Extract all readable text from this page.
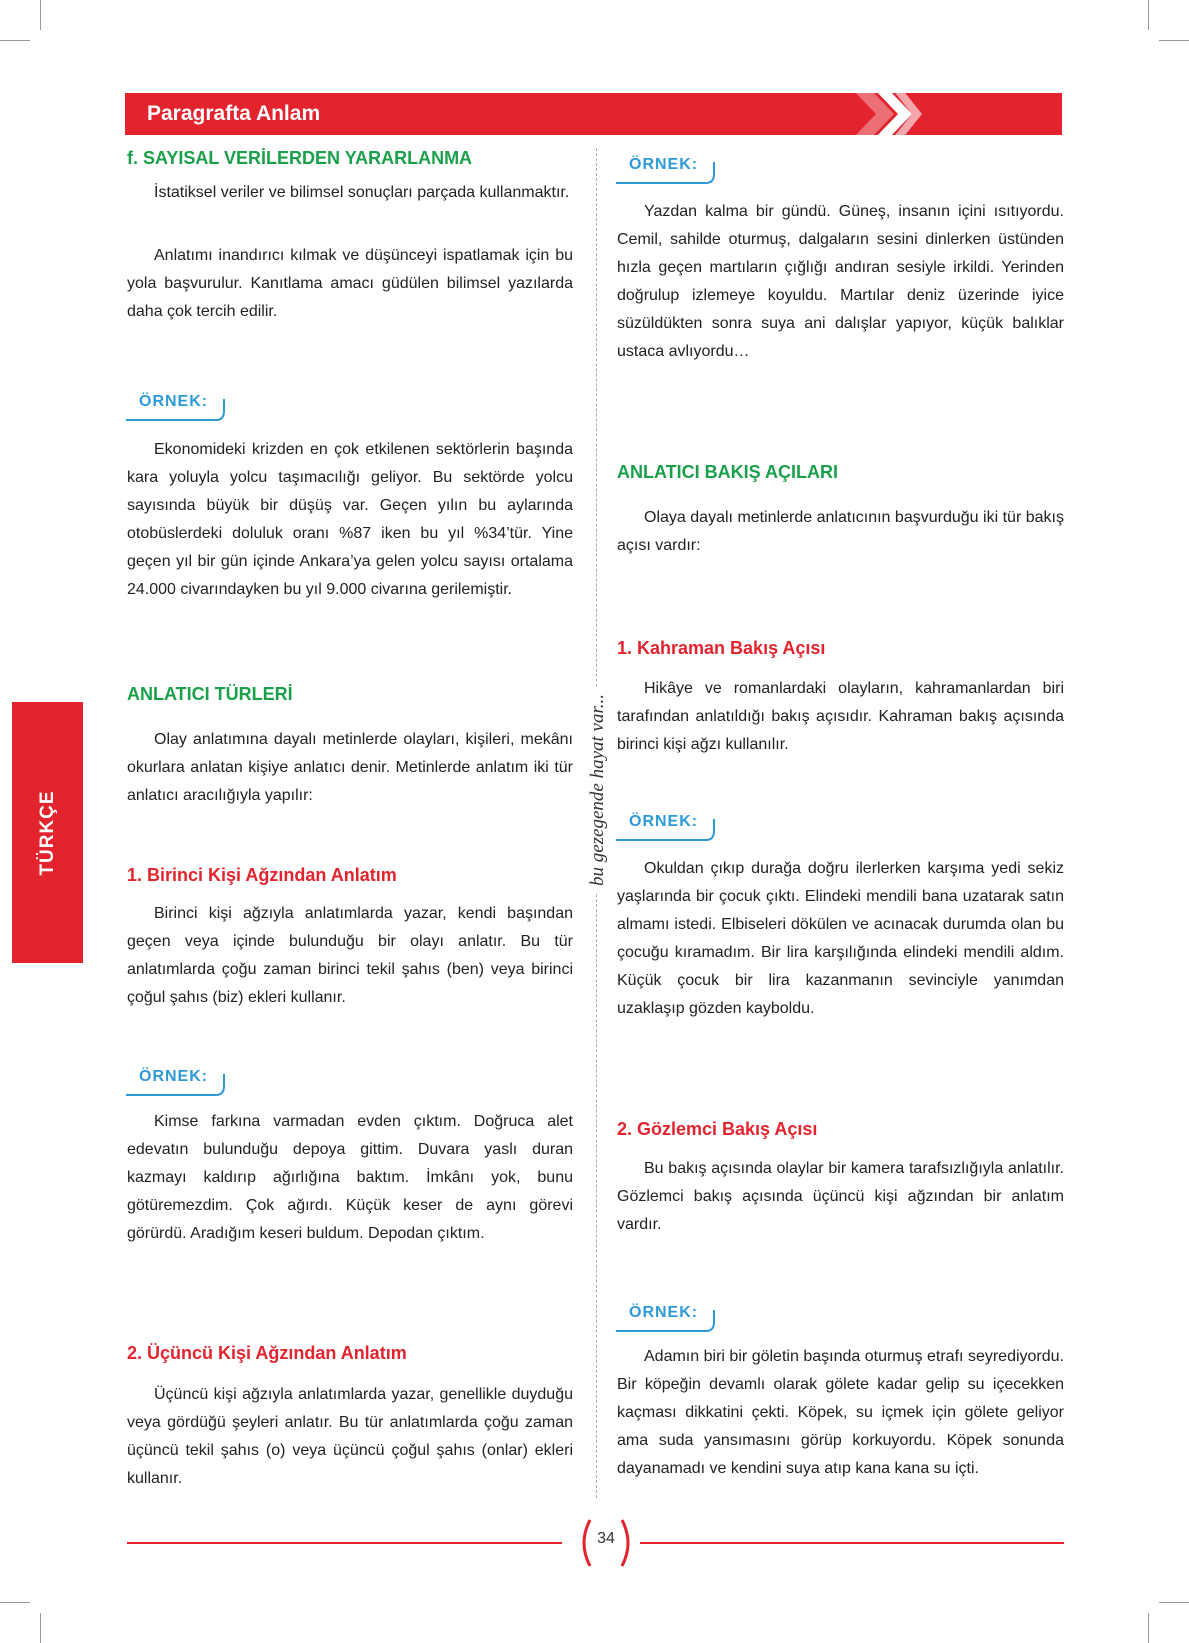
Paragrafta Anlam
TÜRKÇE	bu gezegende hayat var...
f. SAYISAL VERİLERDEN YARARLANMA

İstatiksel veriler ve bilimsel sonuçları parçada kullanmaktır.

Anlatımı inandırıcı kılmak ve düşünceyi ispatlamak için bu yola başvurulur. Kanıtlama amacı güdülen bilimsel yazılarda daha çok tercih edilir.

ÖRNEK:

Ekonomideki krizden en çok etkilenen sektörlerin başında kara yoluyla yolcu taşımacılığı geliyor. Bu sektörde yolcu sayısında büyük bir düşüş var. Geçen yılın bu aylarında otobüslerdeki doluluk oranı %87 iken bu yıl %34’tür. Yine geçen yıl bir gün içinde Ankara’ya gelen yolcu sayısı ortalama 24.000 civarındayken bu yıl 9.000 civarına gerilemiştir.

ANLATICI TÜRLERİ

Olay anlatımına dayalı metinlerde olayları, kişileri, mekânı okurlara anlatan kişiye anlatıcı denir. Metinlerde anlatım iki tür anlatıcı aracılığıyla yapılır:

1. Birinci Kişi Ağzından Anlatım

Birinci kişi ağzıyla anlatımlarda yazar, kendi başından geçen veya içinde bulunduğu bir olayı anlatır. Bu tür anlatımlarda çoğu zaman birinci tekil şahıs (ben) veya birinci çoğul şahıs (biz) ekleri kullanır.

ÖRNEK:

Kimse farkına varmadan evden çıktım. Doğruca alet edevatın bulunduğu depoya gittim. Duvara yaslı duran kazmayı kaldırıp ağırlığına baktım. İmkânı yok, bunu götüremezdim. Çok ağırdı. Küçük keser de aynı görevi görürdü. Aradığım keseri buldum. Depodan çıktım.

2. Üçüncü Kişi Ağzından Anlatım

Üçüncü kişi ağzıyla anlatımlarda yazar, genellikle duyduğu veya gördüğü şeyleri anlatır. Bu tür anlatımlarda çoğu zaman üçüncü tekil şahıs (o) veya üçüncü çoğul şahıs (onlar) ekleri kullanır.

ÖRNEK:

Yazdan kalma bir gündü. Güneş, insanın içini ısıtıyordu. Cemil, sahilde oturmuş, dalgaların sesini dinlerken üstünden hızla geçen martıların çığlığı andıran sesiyle irkildi. Yerinden doğrulup izlemeye koyuldu. Martılar deniz üzerinde iyice süzüldükten sonra suya ani dalışlar yapıyor, küçük balıklar ustaca avlıyordu…

ANLATICI BAKIŞ AÇILARI

Olaya dayalı metinlerde anlatıcının başvurduğu iki tür bakış açısı vardır:

1. Kahraman Bakış Açısı

Hikâye ve romanlardaki olayların, kahramanlardan biri tarafından anlatıldığı bakış açısıdır. Kahraman bakış açısında birinci kişi ağzı kullanılır.

ÖRNEK:

Okuldan çıkıp durağa doğru ilerlerken karşıma yedi sekiz yaşlarında bir çocuk çıktı. Elindeki mendili bana uzatarak satın almamı istedi. Elbiseleri dökülen ve acınacak durumda olan bu çocuğu kıramadım. Bir lira karşılığında elindeki mendili aldım. Küçük çocuk bir lira kazanmanın sevinciyle yanımdan uzaklaşıp gözden kayboldu.

2. Gözlemci Bakış Açısı

Bu bakış açısında olaylar bir kamera tarafsızlığıyla anlatılır. Gözlemci bakış açısında üçüncü kişi ağzından bir anlatım vardır.

ÖRNEK:

Adamın biri bir göletin başında oturmuş etrafı seyrediyordu. Bir köpeğin devamlı olarak gölete kadar gelip su içecekken kaçması dikkatini çekti. Köpek, su içmek için gölete geliyor ama suda yansımasını görüp korkuyordu. Köpek sonunda dayanamadı ve kendini suya atıp kana kana su içti.

34
